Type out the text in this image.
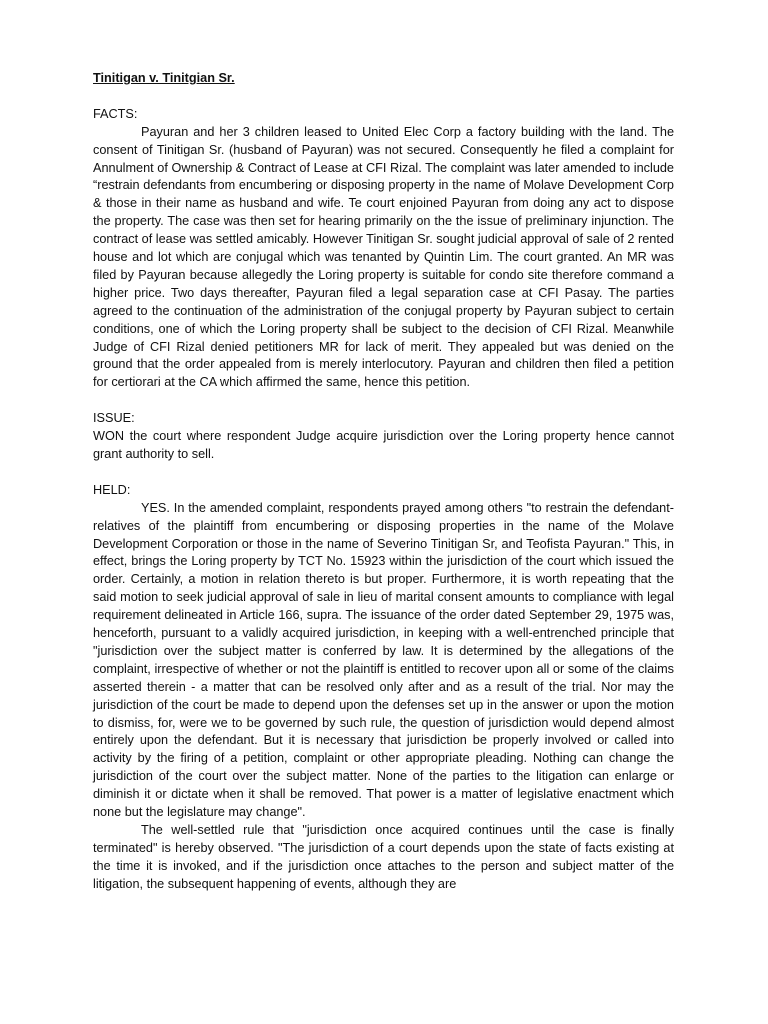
Tinitigan v. Tinitgian Sr.

FACTS:

Payuran and her 3 children leased to United Elec Corp a factory building with the land. The consent of Tinitigan Sr. (husband of Payuran) was not secured. Consequently he filed a complaint for Annulment of Ownership & Contract of Lease at CFI Rizal. The complaint was later amended to include “restrain defendants from encumbering or disposing property in the name of Molave Development Corp & those in their name as husband and wife. Te court enjoined Payuran from doing any act to dispose the property. The case was then set for hearing primarily on the the issue of preliminary injunction. The contract of lease was settled amicably. However Tinitigan Sr. sought judicial approval of sale of 2 rented house and lot which are conjugal which was tenanted by Quintin Lim. The court granted. An MR was filed by Payuran because allegedly the Loring property is suitable for condo site therefore command a higher price. Two days thereafter, Payuran filed a legal separation case at CFI Pasay. The parties agreed to the continuation of the administration of the conjugal property by Payuran subject to certain conditions, one of which the Loring property shall be subject to the decision of CFI Rizal. Meanwhile Judge of CFI Rizal denied petitioners MR for lack of merit. They appealed but was denied on the ground that the order appealed from is merely interlocutory. Payuran and children then filed a petition for certiorari at the CA which affirmed the same, hence this petition.

ISSUE:

WON the court where respondent Judge acquire jurisdiction over the Loring property hence cannot grant authority to sell.

HELD:

YES. In the amended complaint, respondents prayed among others "to restrain the defendant-relatives of the plaintiff from encumbering or disposing properties in the name of the Molave Development Corporation or those in the name of Severino Tinitigan Sr, and Teofista Payuran." This, in effect, brings the Loring property by TCT No. 15923 within the jurisdiction of the court which issued the order. Certainly, a motion in relation thereto is but proper. Furthermore, it is worth repeating that the said motion to seek judicial approval of sale in lieu of marital consent amounts to compliance with legal requirement delineated in Article 166, supra. The issuance of the order dated September 29, 1975 was, henceforth, pursuant to a validly acquired jurisdiction, in keeping with a well-entrenched principle that "jurisdiction over the subject matter is conferred by law. It is determined by the allegations of the complaint, irrespective of whether or not the plaintiff is entitled to recover upon all or some of the claims asserted therein - a matter that can be resolved only after and as a result of the trial. Nor may the jurisdiction of the court be made to depend upon the defenses set up in the answer or upon the motion to dismiss, for, were we to be governed by such rule, the question of jurisdiction would depend almost entirely upon the defendant. But it is necessary that jurisdiction be properly involved or called into activity by the firing of a petition, complaint or other appropriate pleading. Nothing can change the jurisdiction of the court over the subject matter. None of the parties to the litigation can enlarge or diminish it or dictate when it shall be removed. That power is a matter of legislative enactment which none but the legislature may change".

The well-settled rule that "jurisdiction once acquired continues until the case is finally terminated" is hereby observed. "The jurisdiction of a court depends upon the state of facts existing at the time it is invoked, and if the jurisdiction once attaches to the person and subject matter of the litigation, the subsequent happening of events, although they are
